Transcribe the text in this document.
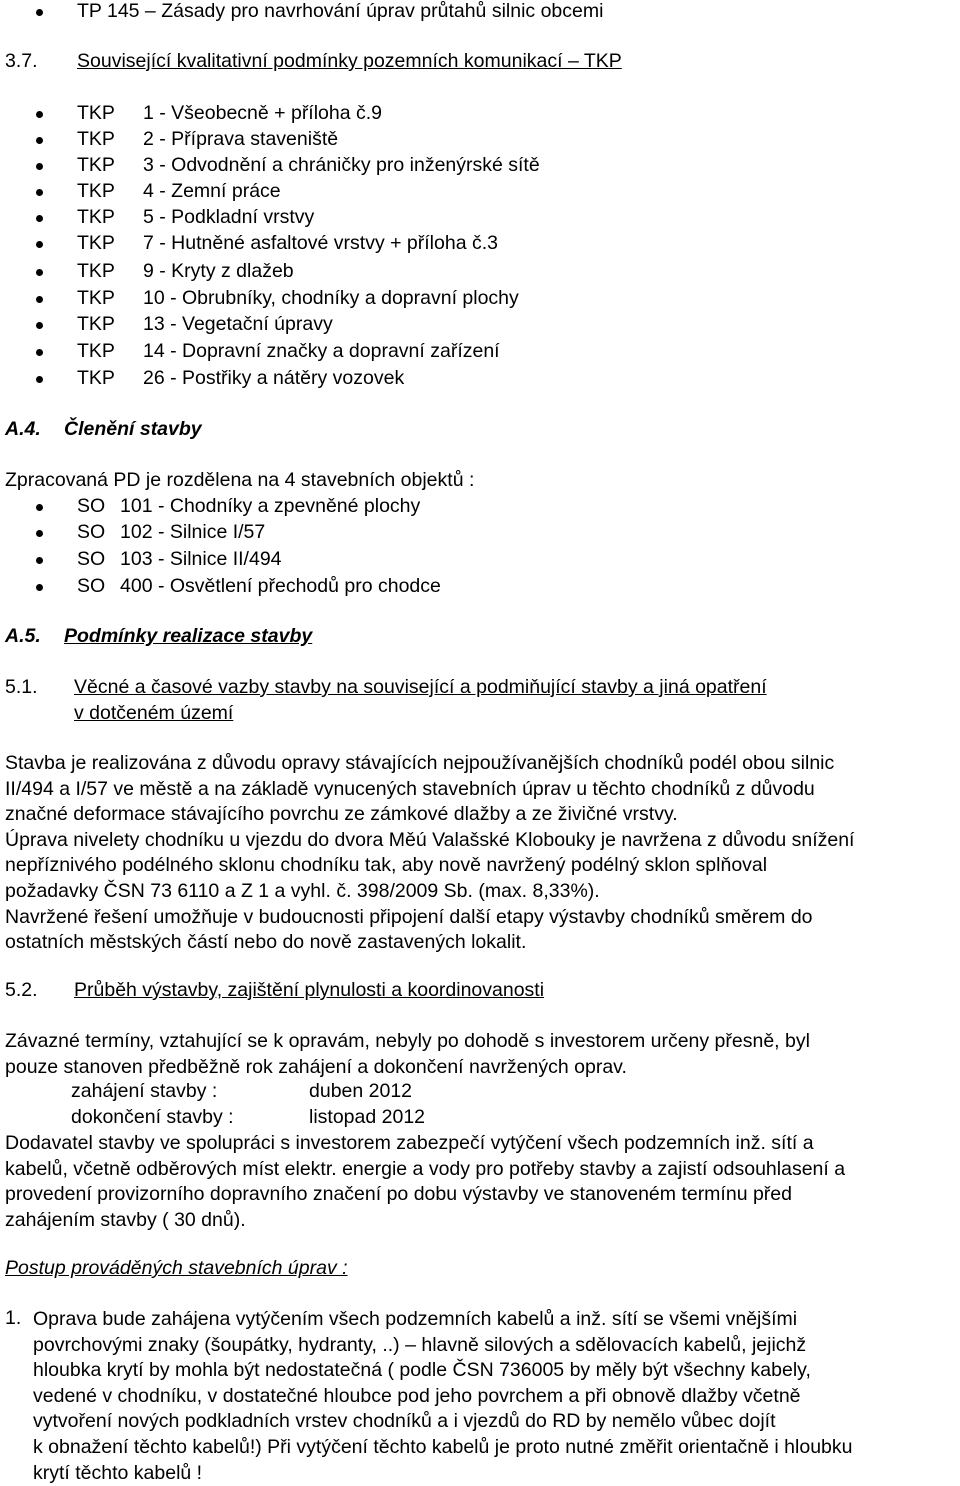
TP 145 – Zásady pro navrhování úprav průtahů silnic obcemi
3.7. Související kvalitativní podmínky pozemních komunikací – TKP
TKP 1 - Všeobecně + příloha č.9
TKP 2 - Příprava staveniště
TKP 3 - Odvodnění a chráničky pro inženýrské sítě
TKP 4 - Zemní práce
TKP 5 - Podkladní vrstvy
TKP 7 - Hutněné asfaltové vrstvy + příloha č.3
TKP 9 - Kryty z dlažeb
TKP 10 - Obrubníky, chodníky a dopravní plochy
TKP 13 - Vegetační úpravy
TKP 14 - Dopravní značky a dopravní zařízení
TKP 26 - Postřiky a nátěry vozovek
A.4. Členění stavby
Zpracovaná PD je rozdělena na 4 stavebních objektů :
SO 101 - Chodníky a zpevněné plochy
SO 102 - Silnice I/57
SO 103 - Silnice II/494
SO 400 - Osvětlení přechodů pro chodce
A.5. Podmínky realizace stavby
5.1. Věcné a časové vazby stavby na související a podmiňující stavby a jiná opatření
v dotčeném území

Stavba je realizována z důvodu opravy stávajících nejpoužívanějších chodníků podél obou silnic

II/494 a I/57 ve městě a na základě vynucených stavebních úprav u těchto chodníků z důvodu

značné deformace stávajícího povrchu ze zámkové dlažby a ze živičné vrstvy.

Úprava nivelety chodníku u vjezdu do dvora Měú Valašské Klobouky je navržena z důvodu snížení

nepříznivého podélného sklonu chodníku tak, aby nově navržený podélný sklon splňoval

požadavky ČSN 73 6110 a Z 1 a vyhl. č. 398/2009 Sb. (max. 8,33%).

Navržené řešení umožňuje v budoucnosti připojení další etapy výstavby chodníků směrem do

ostatních městských částí nebo do nově zastavených lokalit.

5.2. Průběh výstavby, zajištění plynulosti a koordinovanosti

Závazné termíny, vztahující se k opravám, nebyly po dohodě s investorem určeny přesně, byl

pouze stanoven předběžně rok zahájení a dokončení navržených oprav.

zahájení stavby :	duben 2012
dokončení stavby :	listopad 2012

Dodavatel stavby ve spolupráci s investorem zabezpečí vytýčení všech podzemních inž. sítí a

kabelů, včetně odběrových míst elektr. energie a vody pro potřeby stavby a zajistí odsouhlasení a

provedení provizorního dopravního značení po dobu výstavby ve stanoveném termínu před

zahájením stavby ( 30 dnů).

Postup prováděných stavebních úprav :
1. Oprava bude zahájena vytýčením všech podzemních kabelů a inž. sítí se všemi vnějšími

povrchovými znaky (šoupátky, hydranty, ..) – hlavně silových a sdělovacích kabelů, jejichž

hloubka krytí by mohla být nedostatečná ( podle ČSN 736005 by měly být všechny kabely,

vedené v chodníku, v dostatečné hloubce pod jeho povrchem a při obnově dlažby včetně

vytvoření nových podkladních vrstev chodníků a i vjezdů do RD by nemělo vůbec dojít

k obnažení těchto kabelů!) Při vytýčení těchto kabelů je proto nutné změřit orientačně i hloubku

krytí těchto kabelů !
